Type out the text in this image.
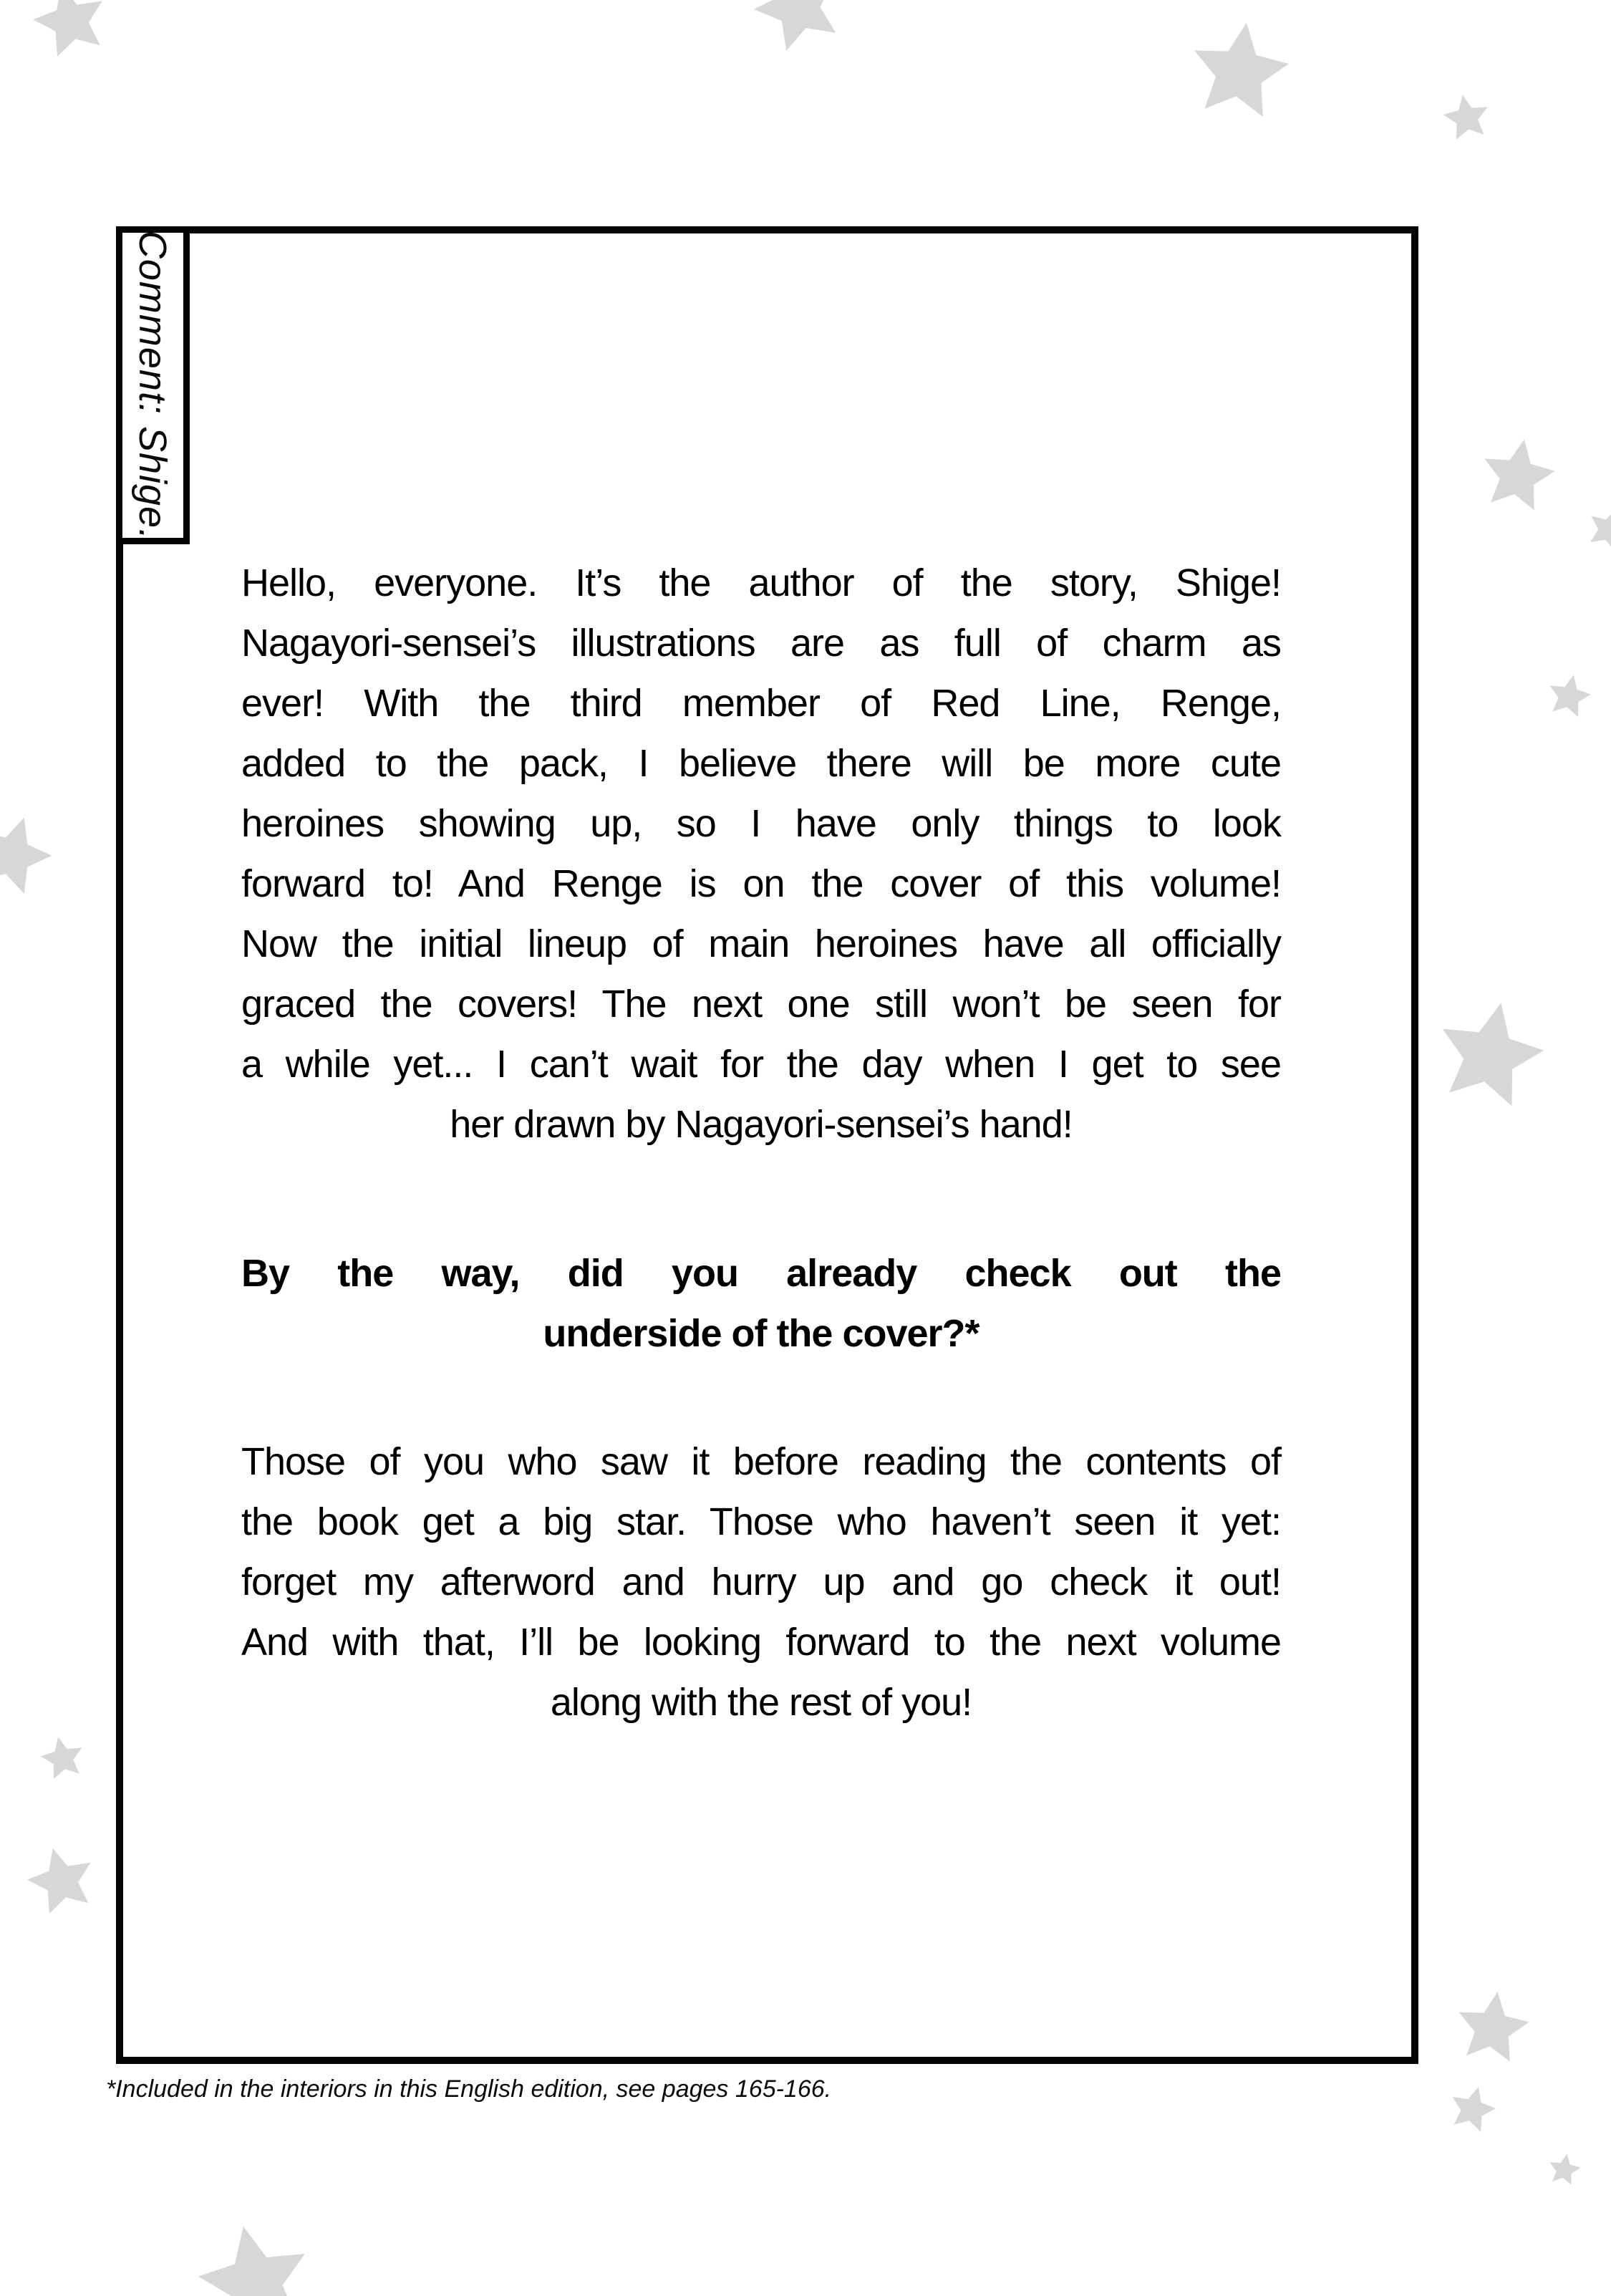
Comment: Shige.
Hello, everyone. It’s the author of the story, Shige!
Nagayori-sensei’s illustrations are as full of charm as
ever! With the third member of Red Line, Renge,
added to the pack, I believe there will be more cute
heroines showing up, so I have only things to look
forward to! And Renge is on the cover of this volume!
Now the initial lineup of main heroines have all officially
graced the covers! The next one still won’t be seen for
a while yet... I can’t wait for the day when I get to see
her drawn by Nagayori-sensei’s hand!
By the way, did you already check out the
underside of the cover?*
Those of you who saw it before reading the contents of
the book get a big star. Those who haven’t seen it yet:
forget my afterword and hurry up and go check it out!
And with that, I’ll be looking forward to the next volume
along with the rest of you!
*Included in the interiors in this English edition, see pages 165-166.
